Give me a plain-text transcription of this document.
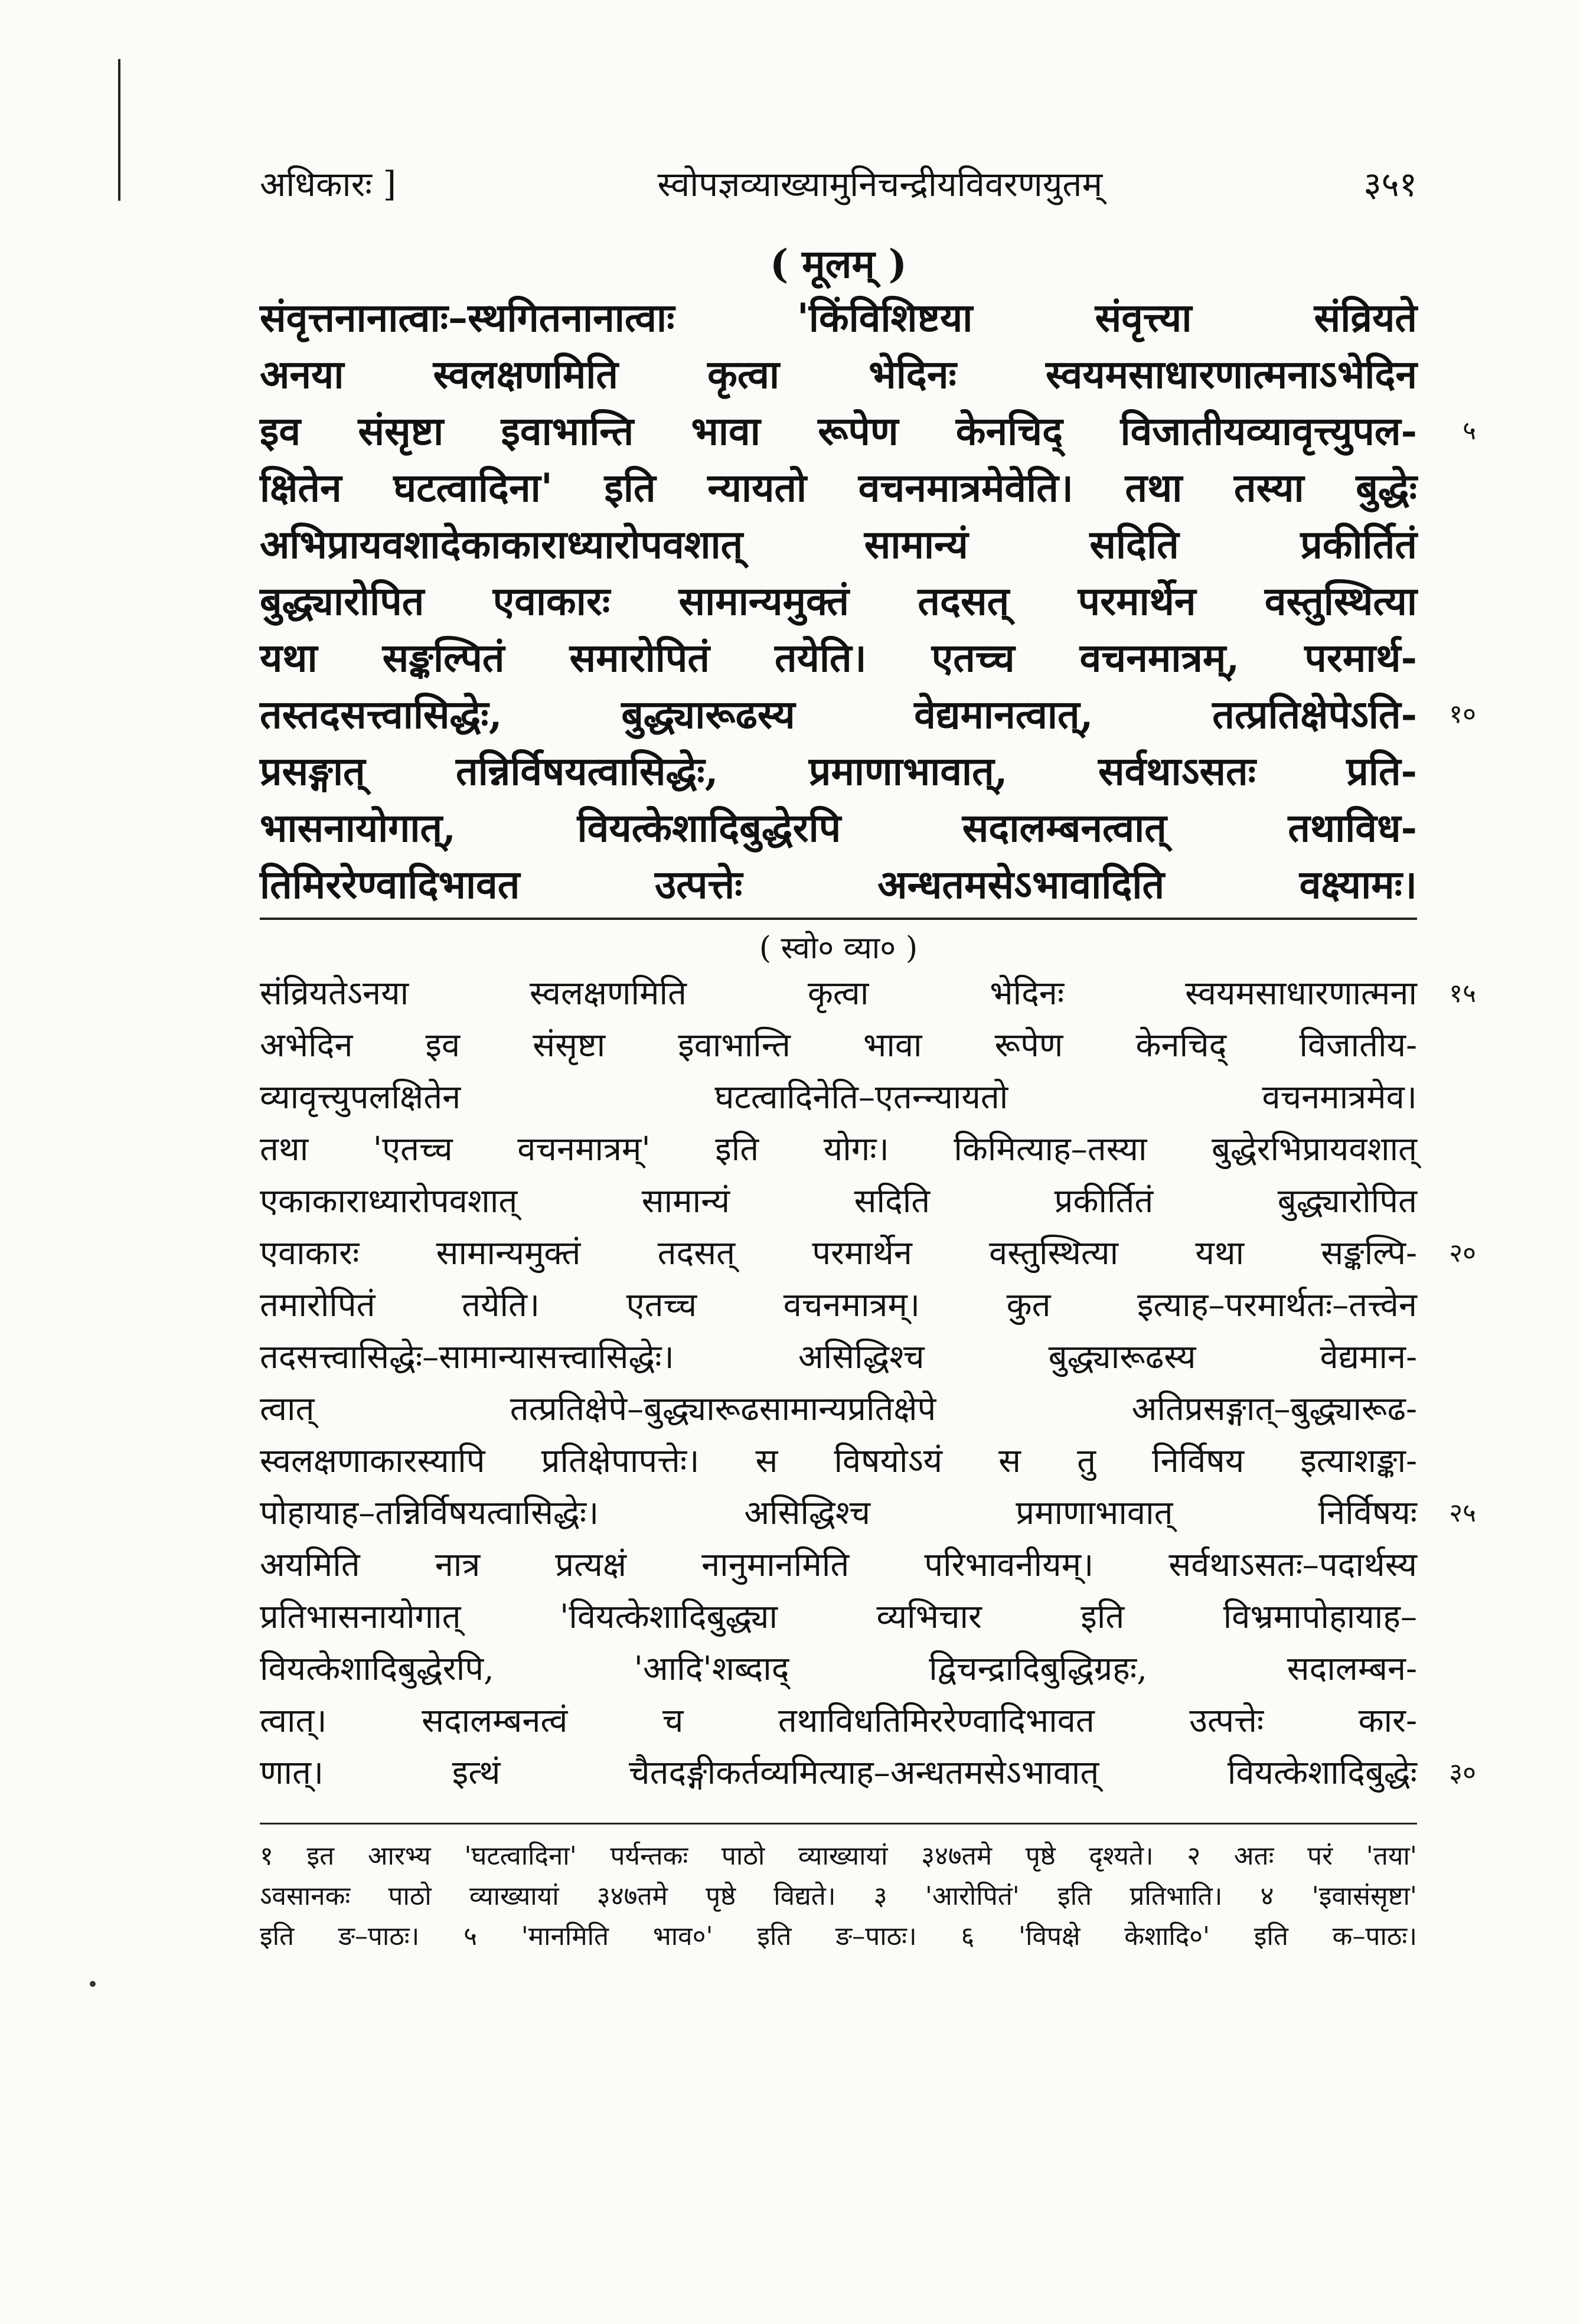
अधिकारः ]	स्वोपज्ञव्याख्यामुनिचन्द्रीयविवरणयुतम्	३५१
( मूलम् )
संवृत्तनानात्वाः–स्थगितनानात्वाः 'किंविशिष्टया संवृत्त्या संव्रियते
अनया स्वलक्षणमिति कृत्वा भेदिनः स्वयमसाधारणात्मनाऽभेदिन
इव संसृष्टा इवाभान्ति भावा रूपेण केनचिद् विजातीयव्यावृत्त्युपल- ५
क्षितेन घटत्वादिना' इति न्यायतो वचनमात्रमेवेति। तथा तस्या बुद्धेः
अभिप्रायवशादेकाकाराध्यारोपवशात् सामान्यं सदिति प्रकीर्तितं
बुद्ध्यारोपित एवाकारः सामान्यमुक्तं तदसत् परमार्थेन वस्तुस्थित्या
यथा सङ्कल्पितं समारोपितं तयेति। एतच्च वचनमात्रम्, परमार्थ-
तस्तदसत्त्वासिद्धेः, बुद्ध्यारूढस्य वेद्यमानत्वात्, तत्प्रतिक्षेपेऽति- १०
प्रसङ्गात् तन्निर्विषयत्वासिद्धेः, प्रमाणाभावात्, सर्वथाऽसतः प्रति-
भासनायोगात्, वियत्केशादिबुद्धेरपि सदालम्बनत्वात् तथाविध-
तिमिररेण्वादिभावत उत्पत्तेः अन्धतमसेऽभावादिति वक्ष्यामः।
( स्वो० व्या० )
संव्रियतेऽनया स्वलक्षणमिति कृत्वा भेदिनः स्वयमसाधारणात्मना १५
अभेदिन इव संसृष्टा इवाभान्ति भावा रूपेण केनचिद् विजातीय-
व्यावृत्त्युपलक्षितेन घटत्वादिनेति–एतन्न्यायतो वचनमात्रमेव।
तथा 'एतच्च वचनमात्रम्' इति योगः। किमित्याह–तस्या बुद्धेरभिप्रायवशात्
एकाकाराध्यारोपवशात् सामान्यं सदिति प्रकीर्तितं बुद्ध्यारोपित
एवाकारः सामान्यमुक्तं तदसत् परमार्थेन वस्तुस्थित्या यथा सङ्कल्पि- २०
तमारोपितं तयेति। एतच्च वचनमात्रम्। कुत इत्याह–परमार्थतः–तत्त्वेन
तदसत्त्वासिद्धेः–सामान्यासत्त्वासिद्धेः। असिद्धिश्च बुद्ध्यारूढस्य वेद्यमान-
त्वात् तत्प्रतिक्षेपे–बुद्ध्यारूढसामान्यप्रतिक्षेपे अतिप्रसङ्गात्–बुद्ध्यारूढ-
स्वलक्षणाकारस्यापि प्रतिक्षेपापत्तेः। स विषयोऽयं स तु निर्विषय इत्याशङ्का-
पोहायाह–तन्निर्विषयत्वासिद्धेः। असिद्धिश्च प्रमाणाभावात् निर्विषयः २५
अयमिति नात्र प्रत्यक्षं नानुमानमिति परिभावनीयम्। सर्वथाऽसतः–पदार्थस्य
प्रतिभासनायोगात् 'वियत्केशादिबुद्ध्या व्यभिचार इति विभ्रमापोहायाह–
वियत्केशादिबुद्धेरपि, 'आदि'शब्दाद् द्विचन्द्रादिबुद्धिग्रहः, सदालम्बन-
त्वात्। सदालम्बनत्वं च तथाविधतिमिररेण्वादिभावत उत्पत्तेः कार-
णात्। इत्थं चैतदङ्गीकर्तव्यमित्याह–अन्धतमसेऽभावात् वियत्केशादिबुद्धेः ३०
१ इत आरभ्य 'घटत्वादिना' पर्यन्तकः पाठो व्याख्यायां ३४७तमे पृष्ठे दृश्यते। २ अतः परं 'तया'
ऽवसानकः पाठो व्याख्यायां ३४७तमे पृष्ठे विद्यते। ३ 'आरोपितं' इति प्रतिभाति। ४ 'इवासंसृष्टा'
इति ङ–पाठः। ५ 'मानमिति भाव०' इति ङ–पाठः। ६ 'विपक्षे केशादि०' इति क–पाठः।
